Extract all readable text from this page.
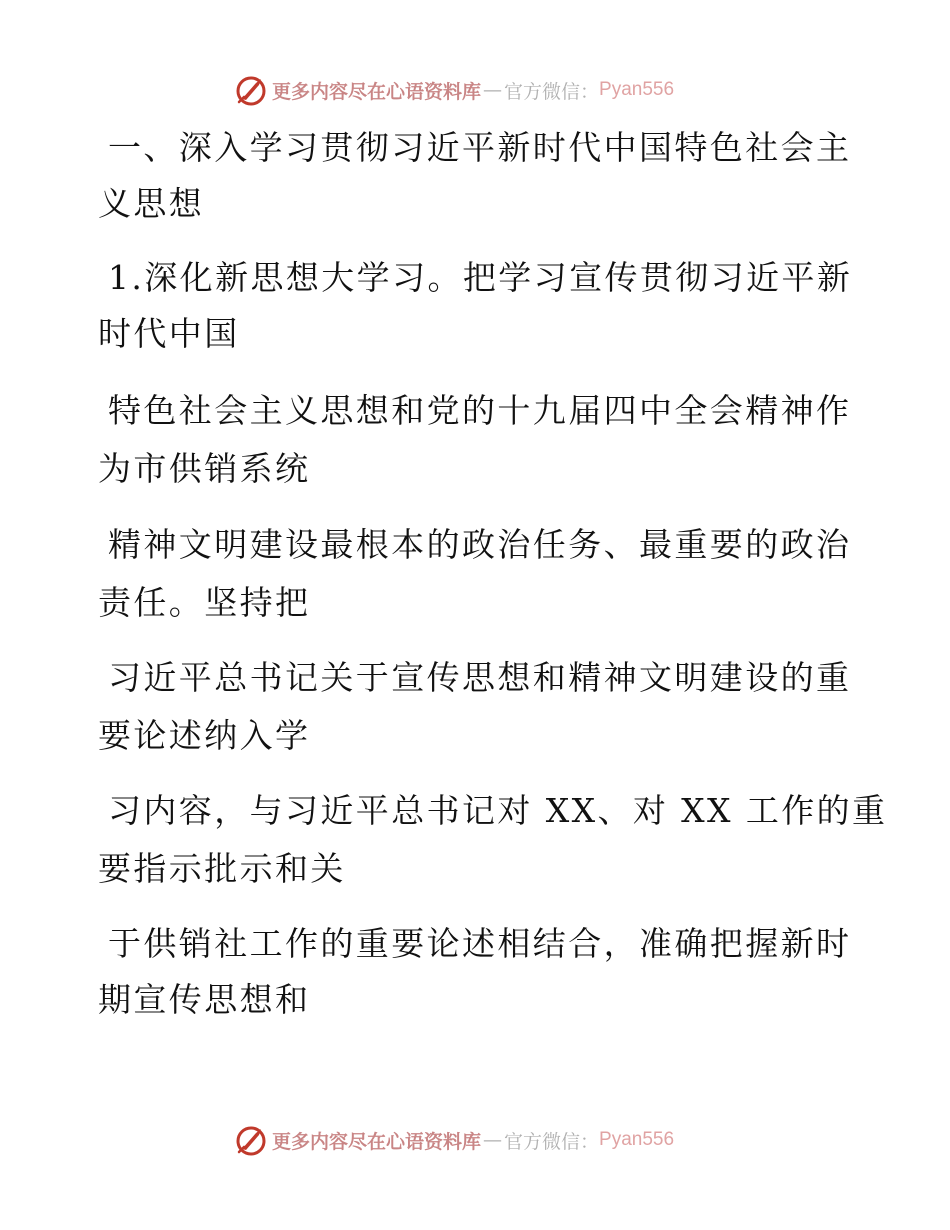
更多内容尽在心语资料库 — 官方微信： Pyan556
一、深入学习贯彻习近平新时代中国特色社会主
义思想
1.深化新思想大学习。把学习宣传贯彻习近平新
时代中国
特色社会主义思想和党的十九届四中全会精神作
为市供销系统
精神文明建设最根本的政治任务、最重要的政治
责任。坚持把
习近平总书记关于宣传思想和精神文明建设的重
要论述纳入学
习内容，与习近平总书记对 XX、对 XX 工作的重
要指示批示和关
于供销社工作的重要论述相结合，准确把握新时
期宣传思想和
更多内容尽在心语资料库 — 官方微信： Pyan556
